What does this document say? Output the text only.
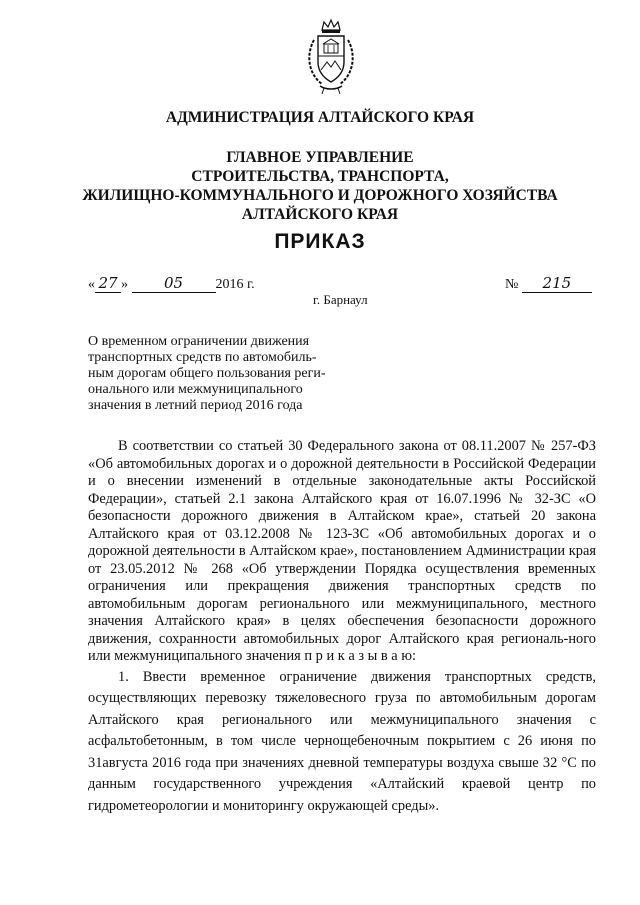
АДМИНИСТРАЦИЯ АЛТАЙСКОГО КРАЯ
ГЛАВНОЕ УПРАВЛЕНИЕ
СТРОИТЕЛЬСТВА, ТРАНСПОРТА,
ЖИЛИЩНО-КОММУНАЛЬНОГО И ДОРОЖНОГО ХОЗЯЙСТВА
АЛТАЙСКОГО КРАЯ
ПРИКАЗ
« 27 » 05 2016 г.	№ 215
г. Барнаул
О временном ограничении движения
транспортных средств по автомобиль-
ным дорогам общего пользования реги-
онального или межмуниципального
значения в летний период 2016 года

В соответствии со статьей 30 Федерального закона от 08.11.2007 № 257-ФЗ «Об автомобильных дорогах и о дорожной деятельности в Российской Федерации и о внесении изменений в отдельные законодательные акты Российской Федерации», статьей 2.1 закона Алтайского края от 16.07.1996 № 32-ЗС «О безопасности дорожного движения в Алтайском крае», статьей 20 закона Алтайского края от 03.12.2008 № 123-ЗС «Об автомобильных дорогах и о дорожной деятельности в Алтайском крае», постановлением Администрации края от 23.05.2012 № 268 «Об утверждении Порядка осуществления временных ограничения или прекращения движения транспортных средств по автомобильным дорогам регионального или межмуниципального, местного значения Алтайского края» в целях обеспечения безопасности дорожного движения, сохранности автомобильных дорог Алтайского края региональ-ного или межмуниципального значения п р и к а з ы в а ю:

1. Ввести временное ограничение движения транспортных средств, осуществляющих перевозку тяжеловесного груза по автомобильным дорогам Алтайского края регионального или межмуниципального значения с асфальтобетонным, в том числе чернощебеночным покрытием с 26 июня по 31августа 2016 года при значениях дневной температуры воздуха свыше 32 °С по данным государственного учреждения «Алтайский краевой центр по гидрометеорологии и мониторингу окружающей среды».
